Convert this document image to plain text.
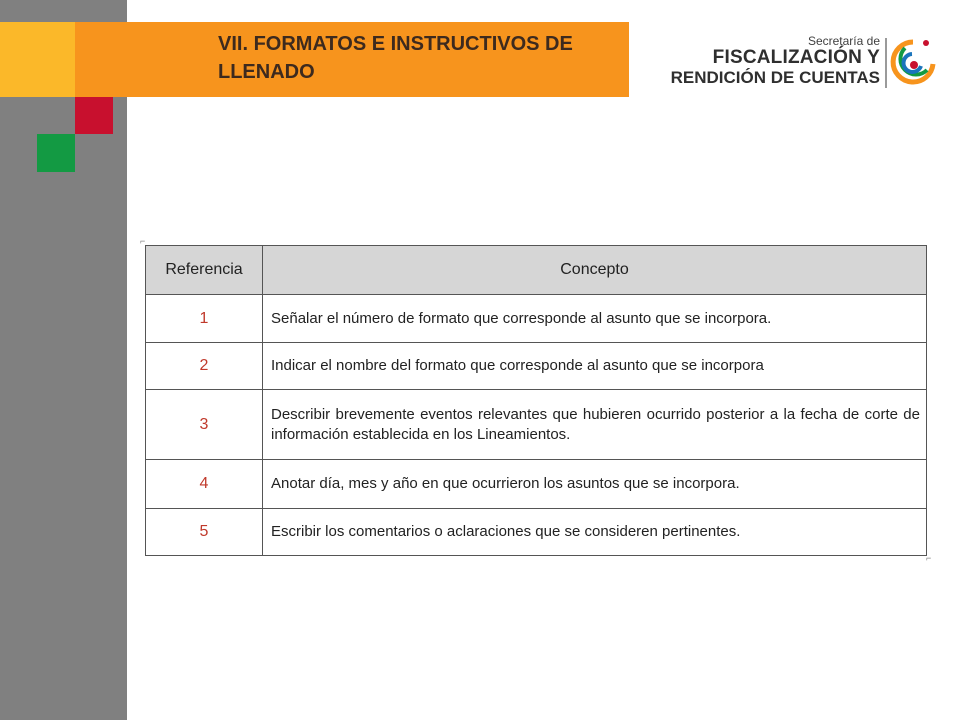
VII. FORMATOS E INSTRUCTIVOS DE
LLENADO
Secretaría de
FISCALIZACIÓN Y
RENDICIÓN DE CUENTAS
⌐
⌐
Referencia	Concepto
1	Señalar el número de formato que corresponde al asunto que se incorpora.
2	Indicar el nombre del formato que corresponde al asunto que se incorpora
3	Describir brevemente eventos relevantes que hubieren ocurrido posterior a la fecha de corte de información establecida en los Lineamientos.
4	Anotar día, mes y año en que ocurrieron los asuntos que se incorpora.
5	Escribir los comentarios o aclaraciones que se consideren pertinentes.
